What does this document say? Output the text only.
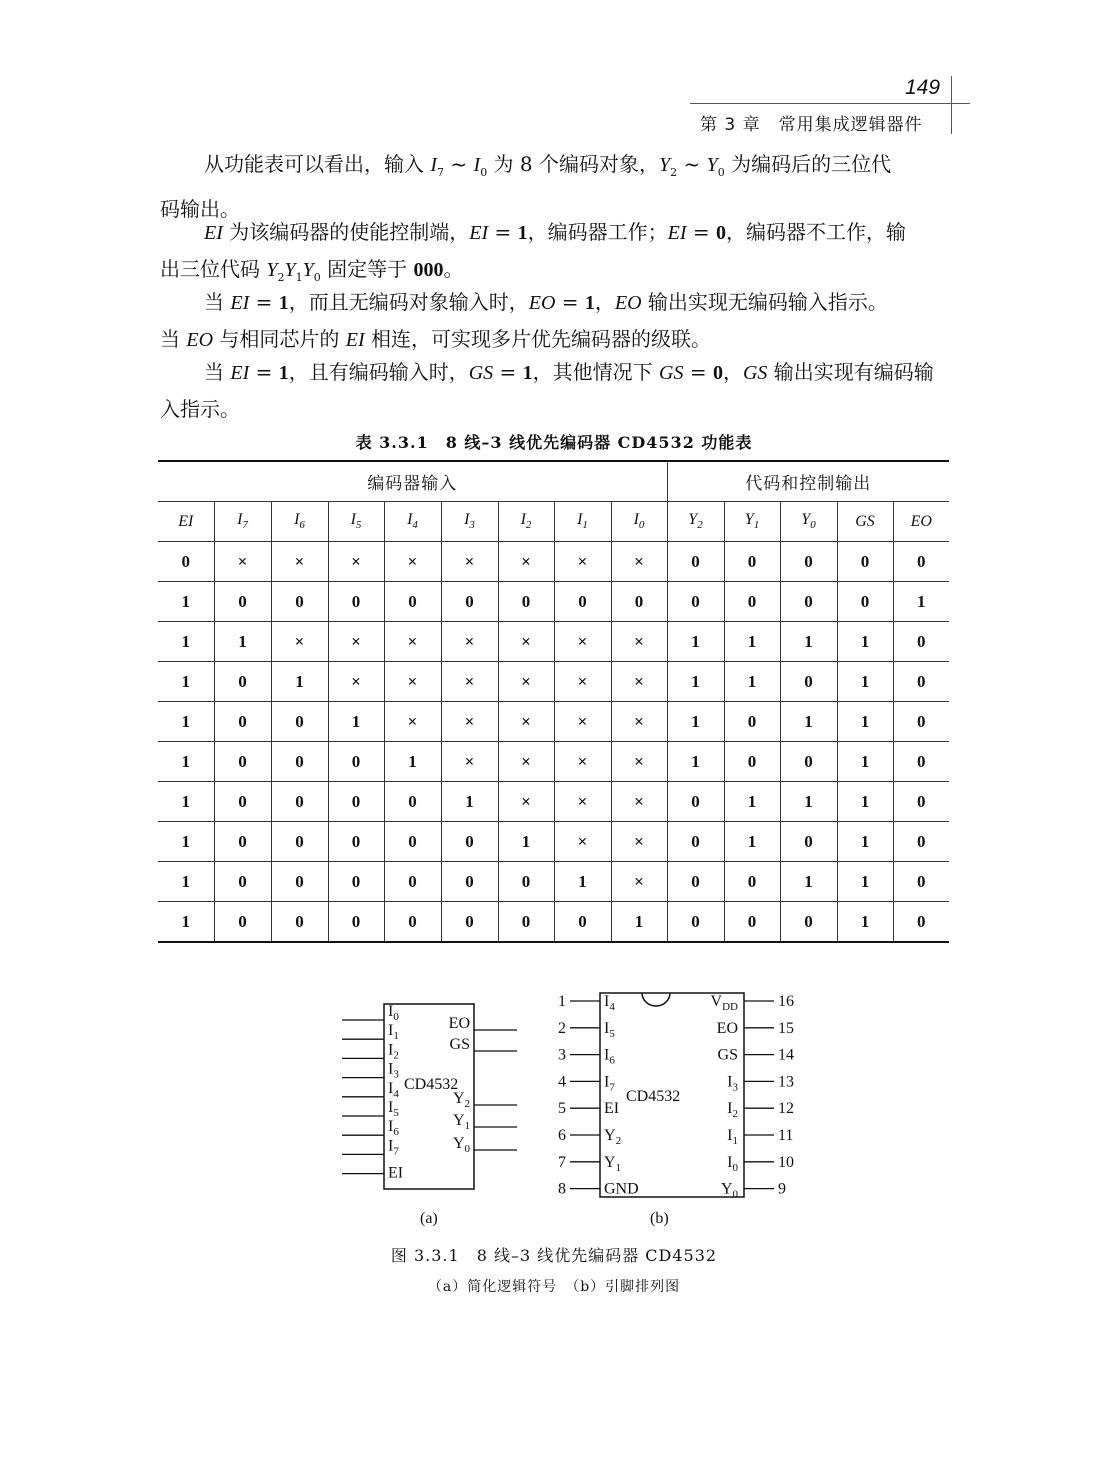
149
第 3 章　常用集成逻辑器件
从功能表可以看出，输入 $I_7$ ~ $I_0$ 为 8 个编码对象，$Y_2$ ~ $Y_0$ 为编码后的三位代
码输出。
EI 为该编码器的使能控制端，EI = 1，编码器工作；EI = 0，编码器不工作，输
出三位代码 $Y_2Y_1Y_0$ 固定等于 000。
当 EI = 1，而且无编码对象输入时，EO = 1，EO 输出实现无编码输入指示。
当 EO 与相同芯片的 EI 相连，可实现多片优先编码器的级联。
当 EI = 1，且有编码输入时，GS = 1，其他情况下 GS = 0，GS 输出实现有编码输
入指示。
表 3.3.1　8 线–3 线优先编码器 CD4532 功能表
编码器输入									代码和控制输出				
EI	$I_7$	$I_6$	$I_5$	$I_4$	$I_3$	$I_2$	$I_1$	$I_0$	$Y_2$	$Y_1$	$Y_0$	GS	EO
0	×	×	×	×	×	×	×	×	0	0	0	0	0
1	0	0	0	0	0	0	0	0	0	0	0	0	1
1	1	×	×	×	×	×	×	×	1	1	1	1	0
1	0	1	×	×	×	×	×	×	1	1	0	1	0
1	0	0	1	×	×	×	×	×	1	0	1	1	0
1	0	0	0	1	×	×	×	×	1	0	0	1	0
1	0	0	0	0	1	×	×	×	0	1	1	1	0
1	0	0	0	0	0	1	×	×	0	1	0	1	0
1	0	0	0	0	0	0	1	×	0	0	1	1	0
1	0	0	0	0	0	0	0	1	0	0	0	1	0
$I_0$
$I_1$
$I_2$
$I_3$
$I_4$
$I_5$
$I_6$
$I_7$
EI
EO
GS
$Y_2$
$Y_1$
$Y_0$
CD4532
(a)
1 $I_4$
2 $I_5$
3 $I_6$
4 $I_7$
5 EI
6 $Y_2$
7 $Y_1$
8 GND
16
$V_{DD}$
15
EO
14
GS
13
$I_3$
12
$I_2$
11
$I_1$
10
$I_0$
9
$Y_0$
CD4532
(b)
图 3.3.1　8 线–3 线优先编码器 CD4532
（a）简化逻辑符号　（b）引脚排列图
